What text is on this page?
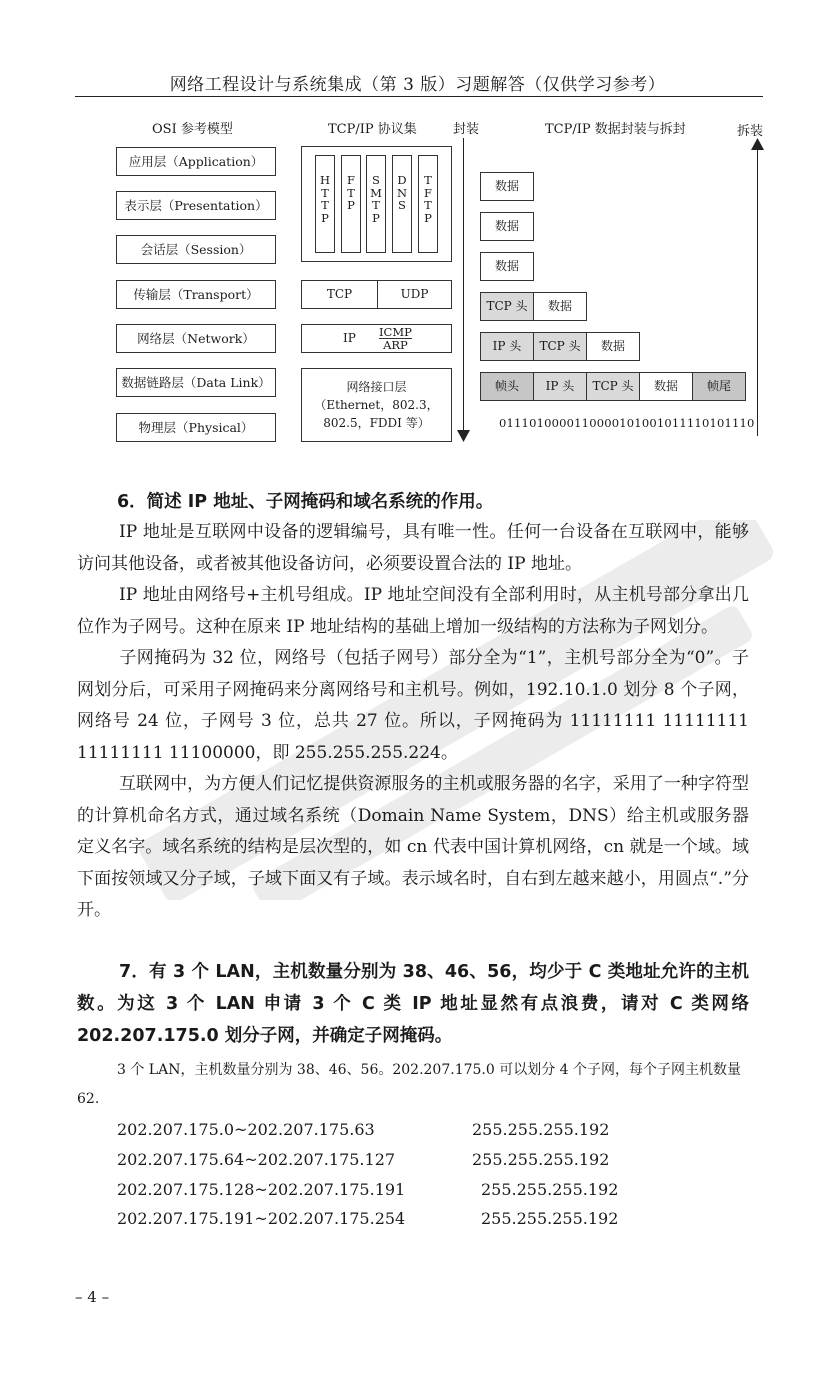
网络工程设计与系统集成（第 3 版）习题解答（仅供学习参考）
OSI 参考模型	TCP/IP 协议集	封装	TCP/IP 数据封装与拆封	拆装
应用层（Application）
表示层（Presentation）
会话层（Session）
传输层（Transport）
网络层（Network）
数据链路层（Data Link）
物理层（Physical）
H
T
T
P
F
T
P
S
M
T
P
D
N
S
T
F
T
P
TCP	UDP
IP ICMP
ARP
网络接口层
（Ethernet，802.3，
802.5，FDDI 等）
数据
数据
数据
TCP 头	数据
IP 头	TCP 头	数据
帧头	IP 头	TCP 头	数据	帧尾
0111010000110000101001011110101110
6．简述 IP 地址、子网掩码和域名系统的作用。
IP 地址是互联网中设备的逻辑编号，具有唯一性。任何一台设备在互联网中，能够访问其他设备，或者被其他设备访问，必须要设置合法的 IP 地址。
IP 地址由网络号+主机号组成。IP 地址空间没有全部利用时，从主机号部分拿出几位作为子网号。这种在原来 IP 地址结构的基础上增加一级结构的方法称为子网划分。
子网掩码为 32 位，网络号（包括子网号）部分全为“1”，主机号部分全为“0”。子网划分后，可采用子网掩码来分离网络号和主机号。例如，192.10.1.0 划分 8 个子网，网络号 24 位，子网号 3 位，总共 27 位。所以，子网掩码为 11111111 11111111 11111111 11100000，即 255.255.255.224。
互联网中，为方便人们记忆提供资源服务的主机或服务器的名字，采用了一种字符型的计算机命名方式，通过域名系统（Domain Name System，DNS）给主机或服务器定义名字。域名系统的结构是层次型的，如 cn 代表中国计算机网络，cn 就是一个域。域下面按领域又分子域，子域下面又有子域。表示域名时，自右到左越来越小，用圆点“.”分开。
7．有 3 个 LAN，主机数量分别为 38、46、56，均少于 C 类地址允许的主机数。为这 3 个 LAN 申请 3 个 C 类 IP 地址显然有点浪费，请对 C 类网络 202.207.175.0 划分子网，并确定子网掩码。
3 个 LAN，主机数量分别为 38、46、56。202.207.175.0 可以划分 4 个子网，每个子网主机数量 62.
202.207.175.0~202.207.175.63	255.255.255.192
202.207.175.64~202.207.175.127	255.255.255.192
202.207.175.128~202.207.175.191	255.255.255.192
202.207.175.191~202.207.175.254	255.255.255.192
– 4 –
